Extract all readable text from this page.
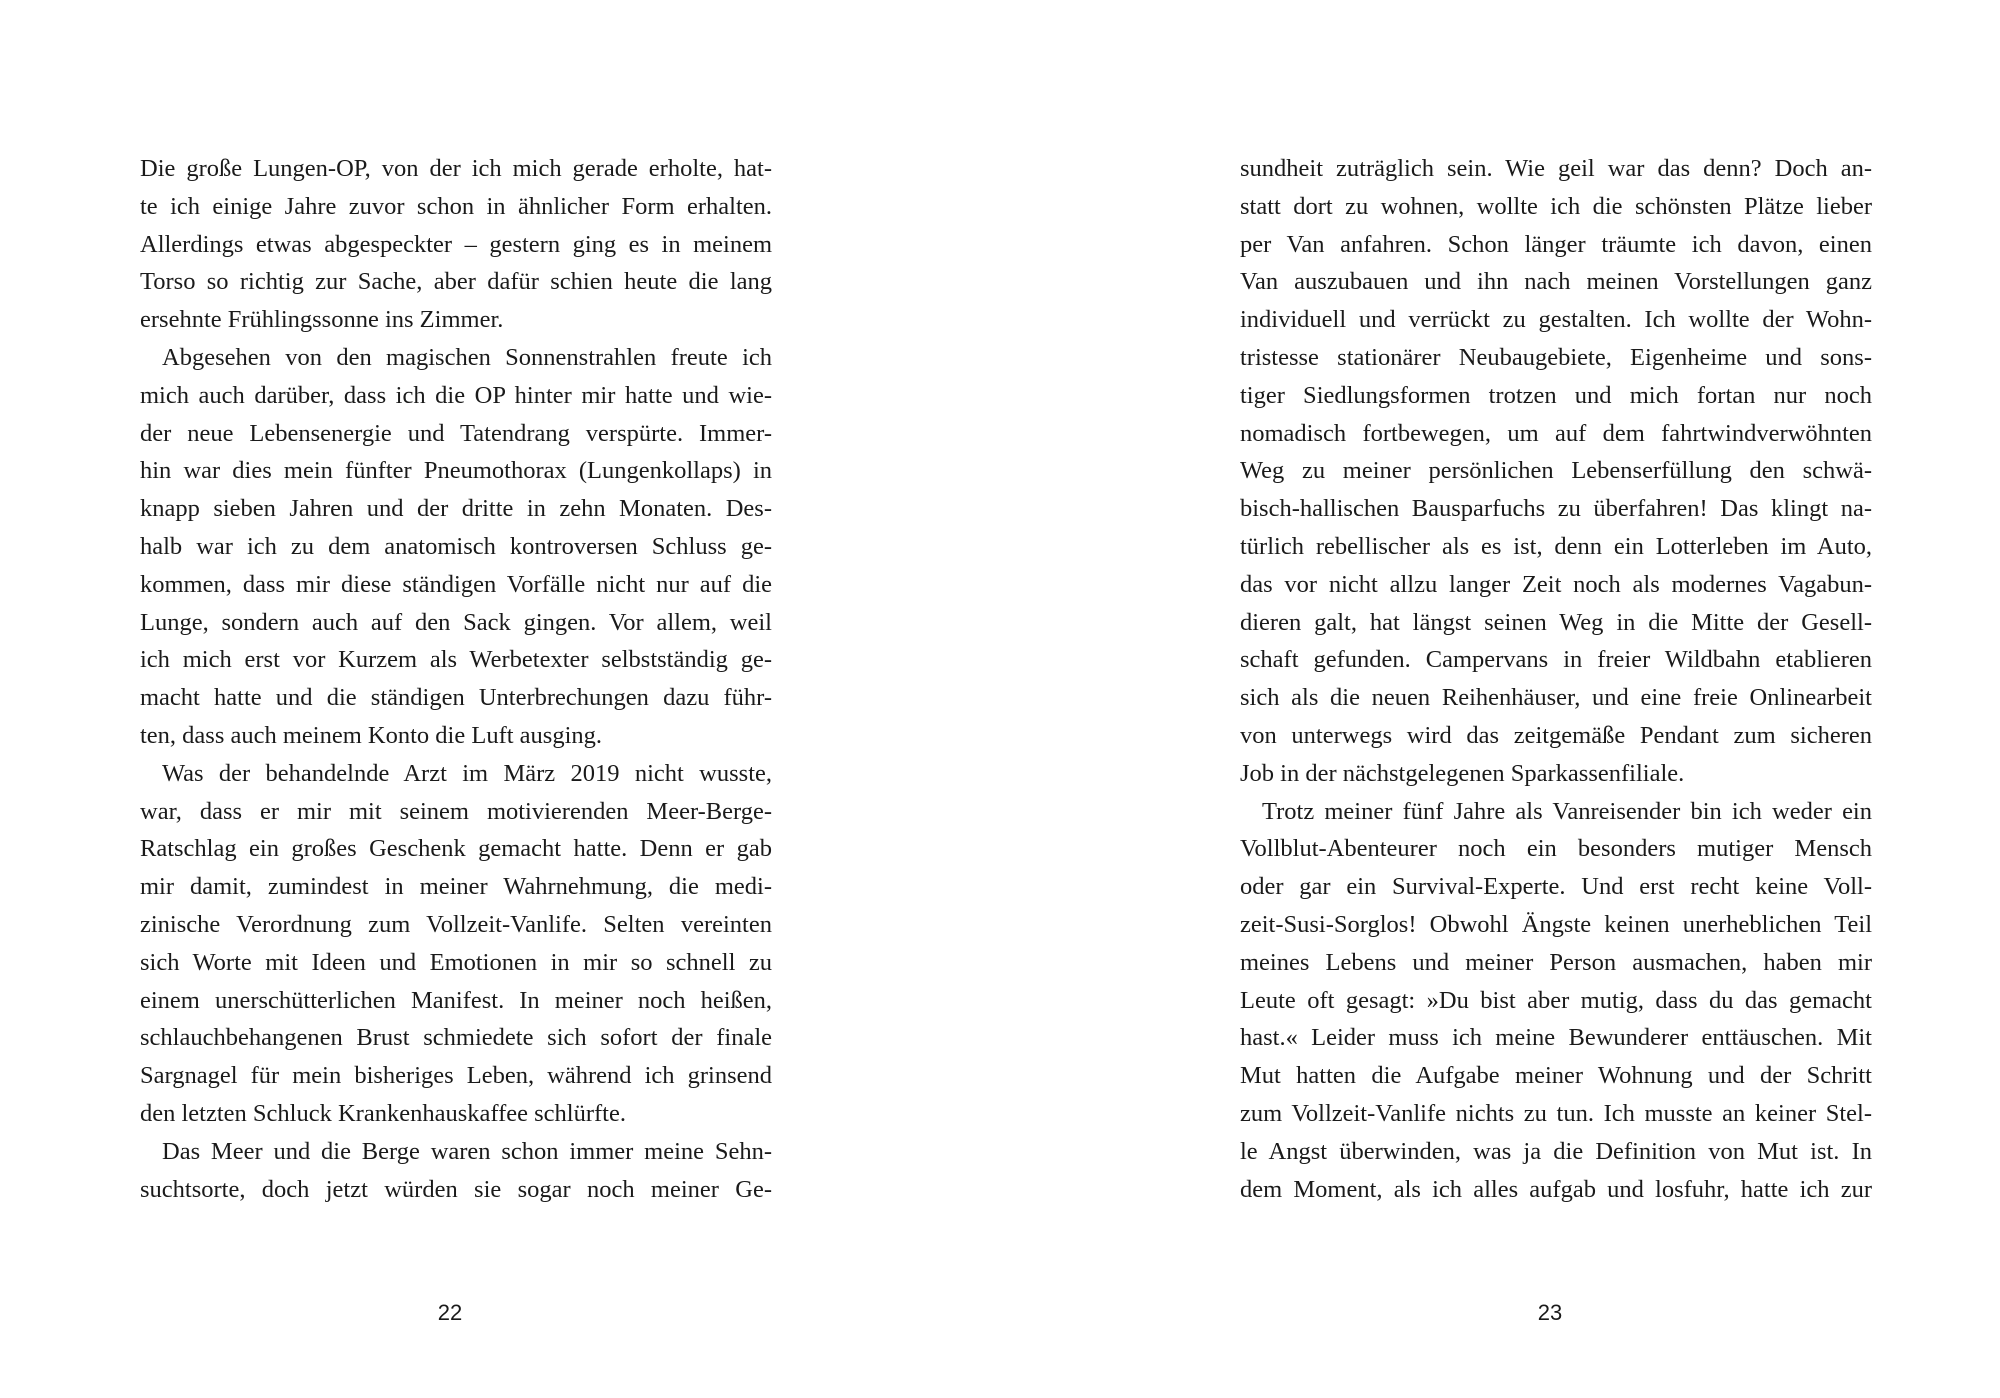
Die große Lungen-OP, von der ich mich gerade erholte, hat-
te ich einige Jahre zuvor schon in ähnlicher Form erhalten.
Allerdings etwas abgespeckter – gestern ging es in meinem
Torso so richtig zur Sache, aber dafür schien heute die lang
ersehnte Frühlingssonne ins Zimmer.
Abgesehen von den magischen Sonnenstrahlen freute ich
mich auch darüber, dass ich die OP hinter mir hatte und wie-
der neue Lebensenergie und Tatendrang verspürte. Immer-
hin war dies mein fünfter Pneumothorax (Lungenkollaps) in
knapp sieben Jahren und der dritte in zehn Monaten. Des-
halb war ich zu dem anatomisch kontroversen Schluss ge-
kommen, dass mir diese ständigen Vorfälle nicht nur auf die
Lunge, sondern auch auf den Sack gingen. Vor allem, weil
ich mich erst vor Kurzem als Werbetexter selbstständig ge-
macht hatte und die ständigen Unterbrechungen dazu führ-
ten, dass auch meinem Konto die Luft ausging.
Was der behandelnde Arzt im März 2019 nicht wusste,
war, dass er mir mit seinem motivierenden Meer-Berge-
Ratschlag ein großes Geschenk gemacht hatte. Denn er gab
mir damit, zumindest in meiner Wahrnehmung, die medi-
zinische Verordnung zum Vollzeit-Vanlife. Selten vereinten
sich Worte mit Ideen und Emotionen in mir so schnell zu
einem unerschütterlichen Manifest. In meiner noch heißen,
schlauchbehangenen Brust schmiedete sich sofort der finale
Sargnagel für mein bisheriges Leben, während ich grinsend
den letzten Schluck Krankenhauskaffee schlürfte.
Das Meer und die Berge waren schon immer meine Sehn-
suchtsorte, doch jetzt würden sie sogar noch meiner Ge-
22
sundheit zuträglich sein. Wie geil war das denn? Doch an-
statt dort zu wohnen, wollte ich die schönsten Plätze lieber
per Van anfahren. Schon länger träumte ich davon, einen
Van auszubauen und ihn nach meinen Vorstellungen ganz
individuell und verrückt zu gestalten. Ich wollte der Wohn-
tristesse stationärer Neubaugebiete, Eigenheime und sons-
tiger Siedlungsformen trotzen und mich fortan nur noch
nomadisch fortbewegen, um auf dem fahrtwindverwöhnten
Weg zu meiner persönlichen Lebenserfüllung den schwä-
bisch-hallischen Bausparfuchs zu überfahren! Das klingt na-
türlich rebellischer als es ist, denn ein Lotterleben im Auto,
das vor nicht allzu langer Zeit noch als modernes Vagabun-
dieren galt, hat längst seinen Weg in die Mitte der Gesell-
schaft gefunden. Campervans in freier Wildbahn etablieren
sich als die neuen Reihenhäuser, und eine freie Onlinearbeit
von unterwegs wird das zeitgemäße Pendant zum sicheren
Job in der nächstgelegenen Sparkassenfiliale.
Trotz meiner fünf Jahre als Vanreisender bin ich weder ein
Vollblut-Abenteurer noch ein besonders mutiger Mensch
oder gar ein Survival-Experte. Und erst recht keine Voll-
zeit-Susi-Sorglos! Obwohl Ängste keinen unerheblichen Teil
meines Lebens und meiner Person ausmachen, haben mir
Leute oft gesagt: »Du bist aber mutig, dass du das gemacht
hast.« Leider muss ich meine Bewunderer enttäuschen. Mit
Mut hatten die Aufgabe meiner Wohnung und der Schritt
zum Vollzeit-Vanlife nichts zu tun. Ich musste an keiner Stel-
le Angst überwinden, was ja die Definition von Mut ist. In
dem Moment, als ich alles aufgab und losfuhr, hatte ich zur
23
